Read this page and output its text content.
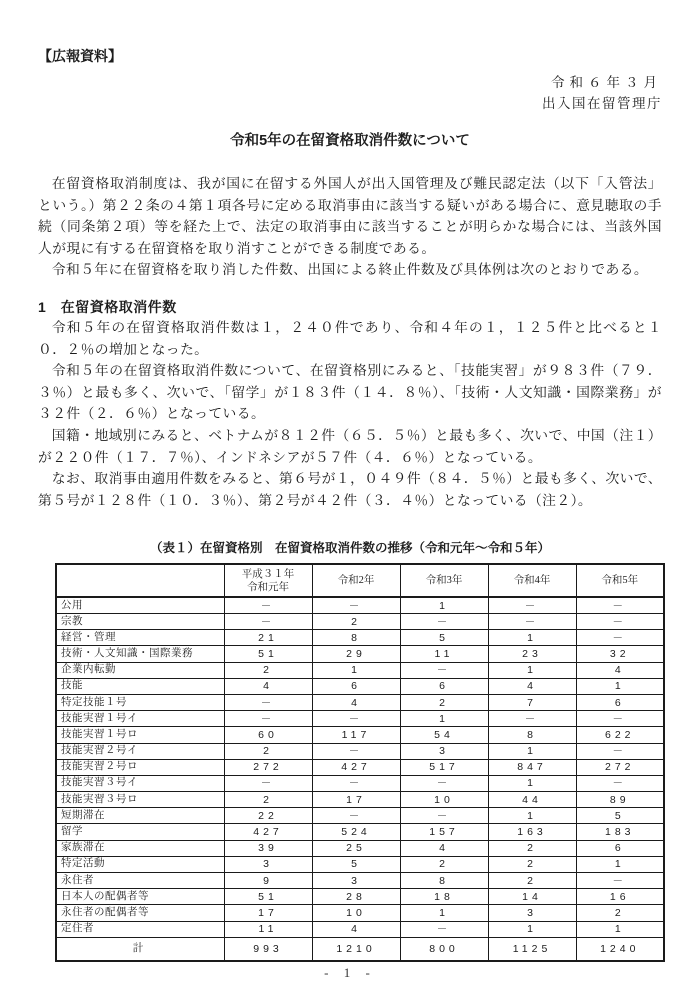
【広報資料】
令和６年３月
出入国在留管理庁
令和5年の在留資格取消件数について

在留資格取消制度は、我が国に在留する外国人が出入国管理及び難民認定法（以下「入管法」という。）第２２条の４第１項各号に定める取消事由に該当する疑いがある場合に、意見聴取の手続（同条第２項）等を経た上で、法定の取消事由に該当することが明らかな場合には、当該外国人が現に有する在留資格を取り消すことができる制度である。

令和５年に在留資格を取り消した件数、出国による終止件数及び具体例は次のとおりである。

1　在留資格取消件数

令和５年の在留資格取消件数は１，２４０件であり、令和４年の１，１２５件と比べると１０．２％の増加となった。

令和５年の在留資格取消件数について、在留資格別にみると、「技能実習」が９８３件（７９．３％）と最も多く、次いで、「留学」が１８３件（１４．８％）、「技術・人文知識・国際業務」が３２件（２．６％）となっている。

国籍・地域別にみると、ベトナムが８１２件（６５．５％）と最も多く、次いで、中国（注１）が２２０件（１７．７％）、インドネシアが５７件（４．６％）となっている。

なお、取消事由適用件数をみると、第６号が１，０４９件（８４．５％）と最も多く、次いで、第５号が１２８件（１０．３％）、第２号が４２件（３．４％）となっている（注２）。

（表１）在留資格別　在留資格取消件数の推移（令和元年～令和５年）

	平成３１年
令和元年	令和2年	令和3年	令和4年	令和5年

公用	－	－	1	－	－
宗教	－	2	－	－	－
経営・管理	21	8	5	1	－
技術・人文知識・国際業務	51	29	11	23	32
企業内転勤	2	1	－	1	4
技能	4	6	6	4	1
特定技能１号	－	4	2	7	6
技能実習１号イ	－	－	1	－	－
技能実習１号ロ	60	117	54	8	622
技能実習２号イ	2	－	3	1	－
技能実習２号ロ	272	427	517	847	272
技能実習３号イ	－	－	－	1	－
技能実習３号ロ	2	17	10	44	89
短期滞在	22	－	－	1	5
留学	427	524	157	163	183
家族滞在	39	25	4	2	6
特定活動	3	5	2	2	1
永住者	9	3	8	2	－
日本人の配偶者等	51	28	18	14	16
永住者の配偶者等	17	10	1	3	2
定住者	11	4	－	1	1
計	993	1210	800	1125	1240
- 1 -
